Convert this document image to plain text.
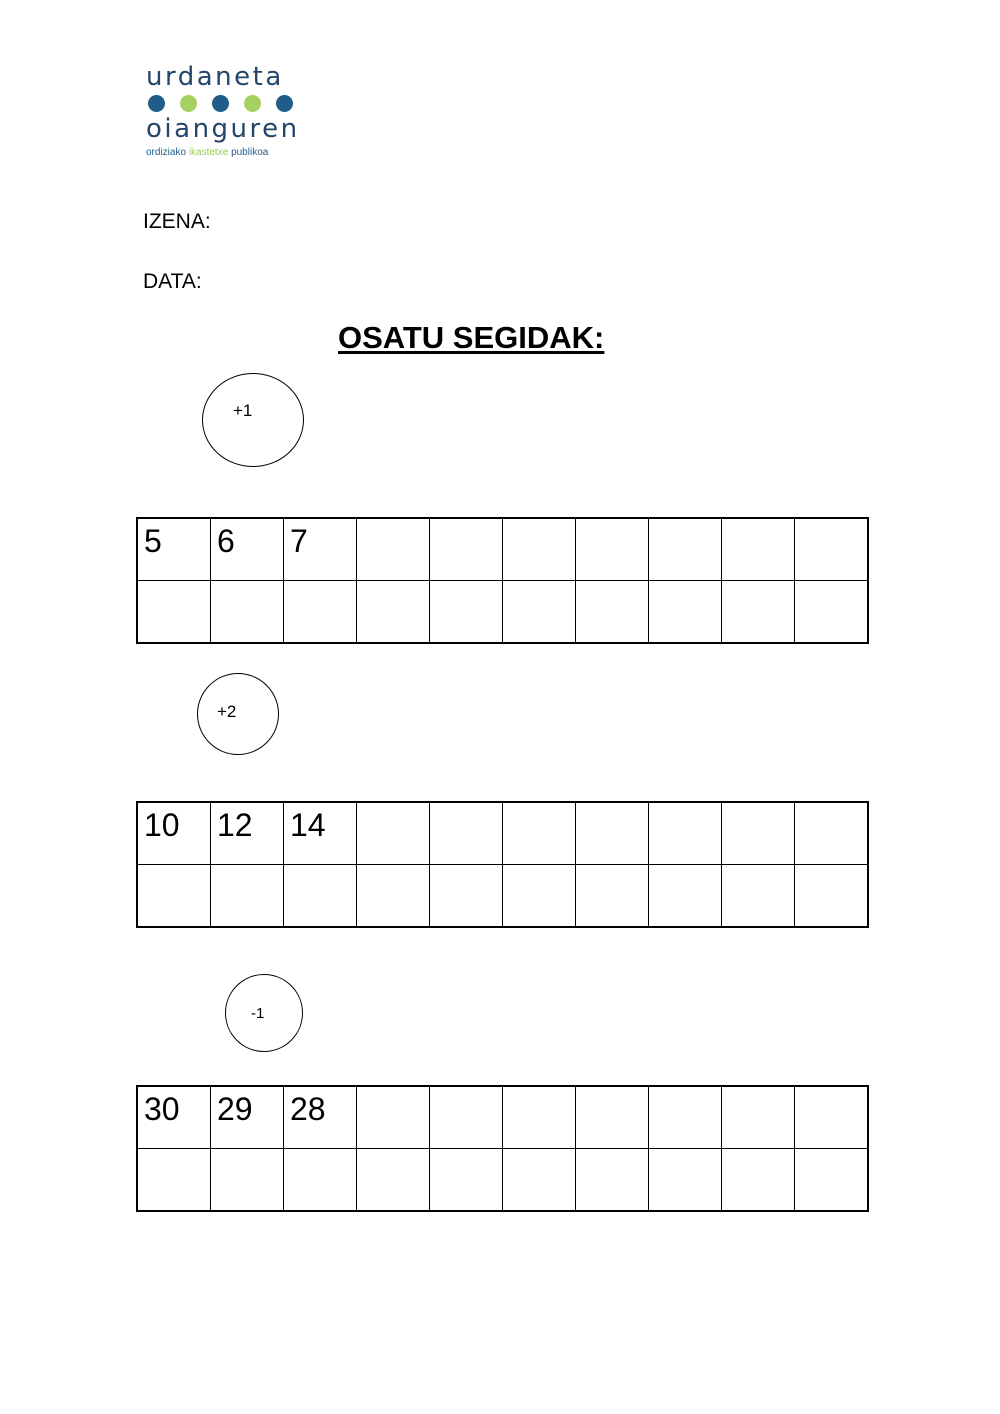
urdaneta
oianguren
ordiziako ikastetxe publikoa
IZENA:
DATA:
OSATU SEGIDAK:
+1
5	6	7							

+2
10	12	14							

-1
30	29	28							
